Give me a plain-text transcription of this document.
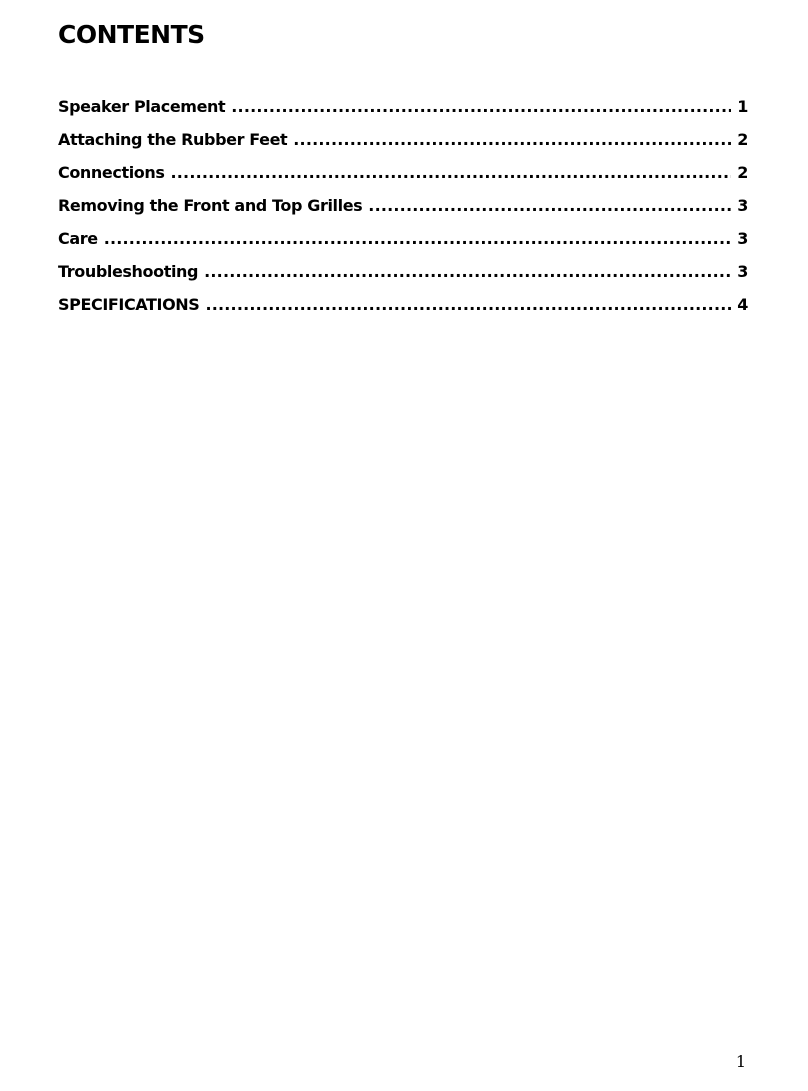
CONTENTS
Speaker Placement .....	1
Attaching the Rubber Feet .....	2
Connections .....	2
Removing the Front and Top Grilles .....	3
Care .....	3
Troubleshooting .....	3
SPECIFICATIONS .....	4
1
